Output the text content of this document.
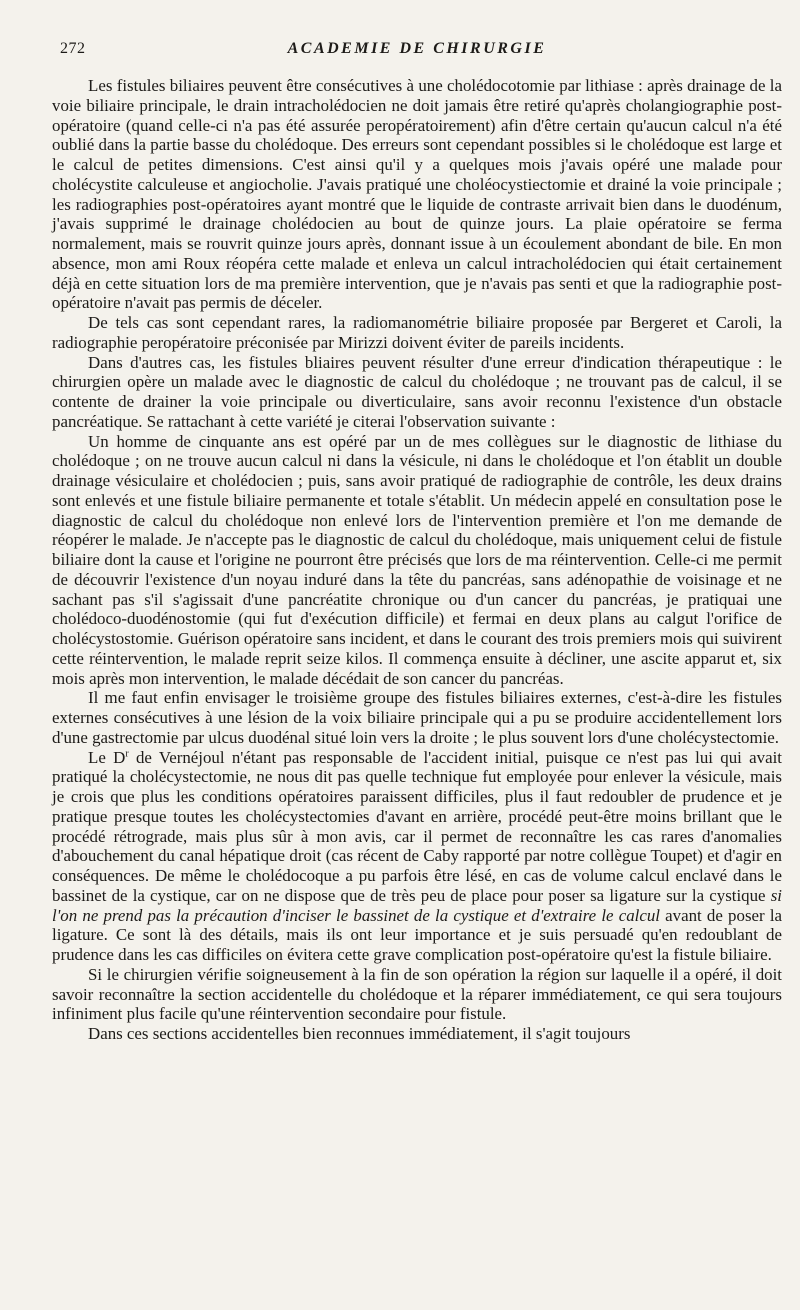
272	ACADEMIE DE CHIRURGIE

Les fistules biliaires peuvent être consécutives à une cholédocotomie par lithiase : après drainage de la voie biliaire principale, le drain intracholédocien ne doit jamais être retiré qu'après cholangiographie post-opératoire (quand celle-ci n'a pas été assurée peropératoirement) afin d'être certain qu'aucun calcul n'a été oublié dans la partie basse du cholédoque. Des erreurs sont cependant possibles si le cholédoque est large et le calcul de petites dimensions. C'est ainsi qu'il y a quelques mois j'avais opéré une malade pour cholécystite calculeuse et angiocholie. J'avais pratiqué une choléocystiectomie et drainé la voie principale ; les radiographies post-opératoires ayant montré que le liquide de contraste arrivait bien dans le duodénum, j'avais supprimé le drainage cholédocien au bout de quinze jours. La plaie opératoire se ferma normalement, mais se rouvrit quinze jours après, donnant issue à un écoulement abondant de bile. En mon absence, mon ami Roux réopéra cette malade et enleva un calcul intracholédocien qui était certainement déjà en cette situation lors de ma première intervention, que je n'avais pas senti et que la radiographie post-opératoire n'avait pas permis de déceler.

De tels cas sont cependant rares, la radiomanométrie biliaire proposée par Bergeret et Caroli, la radiographie peropératoire préconisée par Mirizzi doivent éviter de pareils incidents.

Dans d'autres cas, les fistules bliaires peuvent résulter d'une erreur d'indication thérapeutique : le chirurgien opère un malade avec le diagnostic de calcul du cholédoque ; ne trouvant pas de calcul, il se contente de drainer la voie principale ou diverticulaire, sans avoir reconnu l'existence d'un obstacle pancréatique. Se rattachant à cette variété je citerai l'observation suivante :

Un homme de cinquante ans est opéré par un de mes collègues sur le diagnostic de lithiase du cholédoque ; on ne trouve aucun calcul ni dans la vésicule, ni dans le cholédoque et l'on établit un double drainage vésiculaire et cholédocien ; puis, sans avoir pratiqué de radiographie de contrôle, les deux drains sont enlevés et une fistule biliaire permanente et totale s'établit. Un médecin appelé en consultation pose le diagnostic de calcul du cholédoque non enlevé lors de l'intervention première et l'on me demande de réopérer le malade. Je n'accepte pas le diagnostic de calcul du cholédoque, mais uniquement celui de fistule biliaire dont la cause et l'origine ne pourront être précisés que lors de ma réintervention. Celle-ci me permit de découvrir l'existence d'un noyau induré dans la tête du pancréas, sans adénopathie de voisinage et ne sachant pas s'il s'agissait d'une pancréatite chronique ou d'un cancer du pancréas, je pratiquai une cholédoco-duodénostomie (qui fut d'exécution difficile) et fermai en deux plans au calgut l'orifice de cholécystostomie. Guérison opératoire sans incident, et dans le courant des trois premiers mois qui suivirent cette réintervention, le malade reprit seize kilos. Il commença ensuite à décliner, une ascite apparut et, six mois après mon intervention, le malade décédait de son cancer du pancréas.

Il me faut enfin envisager le troisième groupe des fistules biliaires externes, c'est-à-dire les fistules externes consécutives à une lésion de la voix biliaire principale qui a pu se produire accidentellement lors d'une gastrectomie par ulcus duodénal situé loin vers la droite ; le plus souvent lors d'une cholécystectomie.

Le $D^r$ de Vernéjoul n'étant pas responsable de l'accident initial, puisque ce n'est pas lui qui avait pratiqué la cholécystectomie, ne nous dit pas quelle technique fut employée pour enlever la vésicule, mais je crois que plus les conditions opératoires paraissent difficiles, plus il faut redoubler de prudence et je pratique presque toutes les cholécystectomies d'avant en arrière, procédé peut-être moins brillant que le procédé rétrograde, mais plus sûr à mon avis, car il permet de reconnaître les cas rares d'anomalies d'abouchement du canal hépatique droit (cas récent de Caby rapporté par notre collègue Toupet) et d'agir en conséquences. De même le cholédocoque a pu parfois être lésé, en cas de volume calcul enclavé dans le bassinet de la cystique, car on ne dispose que de très peu de place pour poser sa ligature sur la cystique si l'on ne prend pas la précaution d'inciser le bassinet de la cystique et d'extraire le calcul avant de poser la ligature. Ce sont là des détails, mais ils ont leur importance et je suis persuadé qu'en redoublant de prudence dans les cas difficiles on évitera cette grave complication post-opératoire qu'est la fistule biliaire.

Si le chirurgien vérifie soigneusement à la fin de son opération la région sur laquelle il a opéré, il doit savoir reconnaître la section accidentelle du cholédoque et la réparer immédiatement, ce qui sera toujours infiniment plus facile qu'une réintervention secondaire pour fistule.

Dans ces sections accidentelles bien reconnues immédiatement, il s'agit toujours
